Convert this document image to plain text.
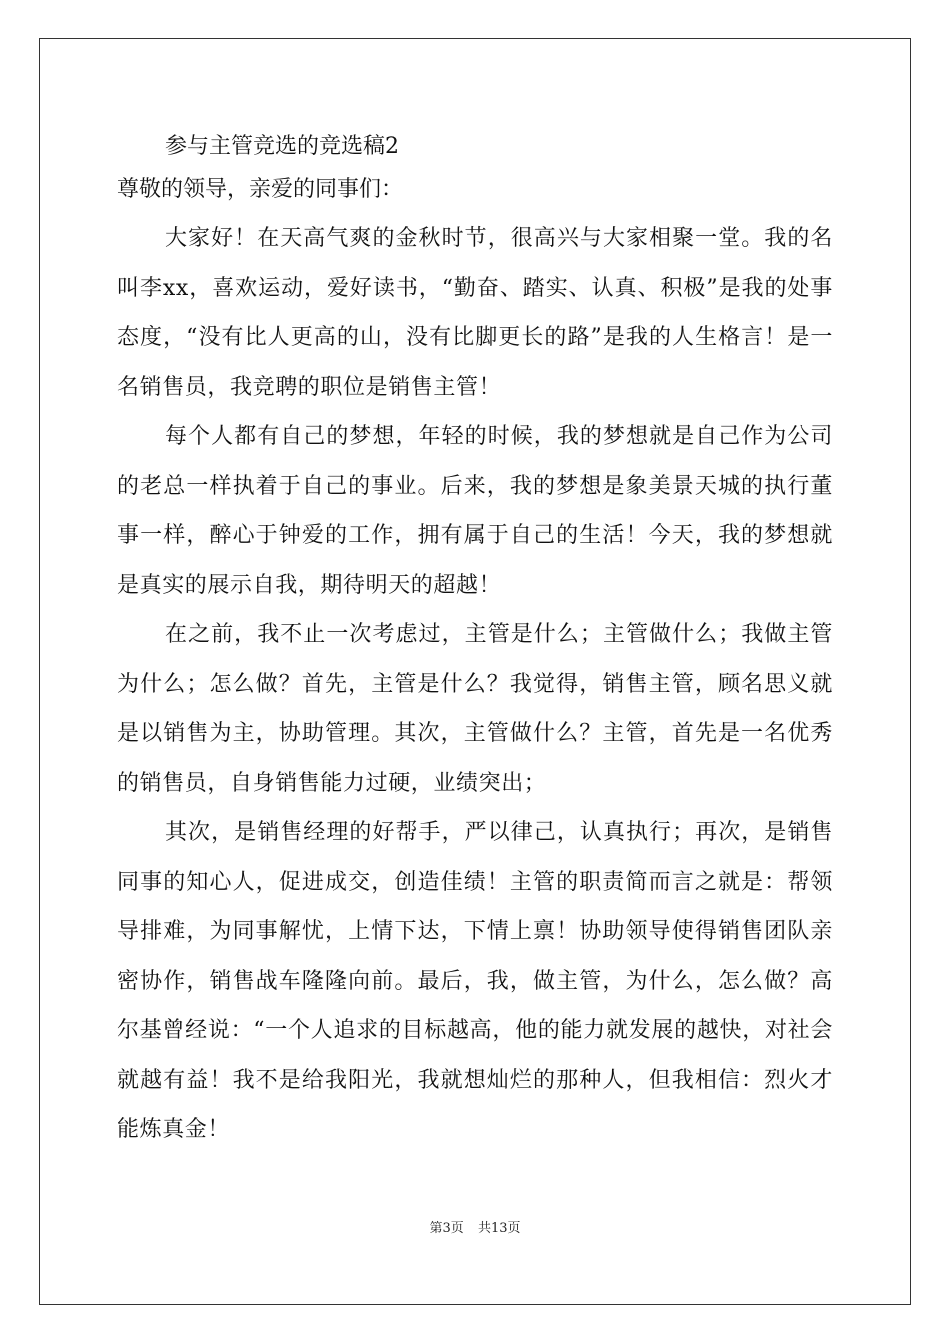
参与主管竞选的竞选稿2

尊敬的领导，亲爱的同事们：

大家好！在天高气爽的金秋时节，很高兴与大家相聚一堂。我的名叫李xx，喜欢运动，爱好读书，“勤奋、踏实、认真、积极”是我的处事态度，“没有比人更高的山，没有比脚更长的路”是我的人生格言！是一名销售员，我竞聘的职位是销售主管！

每个人都有自己的梦想，年轻的时候，我的梦想就是自己作为公司的老总一样执着于自己的事业。后来，我的梦想是象美景天城的执行董事一样，醉心于钟爱的工作，拥有属于自己的生活！今天，我的梦想就是真实的展示自我，期待明天的超越！

在之前，我不止一次考虑过，主管是什么；主管做什么；我做主管为什么；怎么做？首先，主管是什么？我觉得，销售主管，顾名思义就是以销售为主，协助管理。其次，主管做什么？主管，首先是一名优秀的销售员，自身销售能力过硬，业绩突出；

其次，是销售经理的好帮手，严以律己，认真执行；再次，是销售同事的知心人，促进成交，创造佳绩！主管的职责简而言之就是：帮领导排难，为同事解忧，上情下达，下情上禀！协助领导使得销售团队亲密协作，销售战车隆隆向前。最后，我，做主管，为什么，怎么做？高尔基曾经说：“一个人追求的目标越高，他的能力就发展的越快，对社会就越有益！我不是给我阳光，我就想灿烂的那种人，但我相信：烈火才能炼真金！

第3页 共13页
